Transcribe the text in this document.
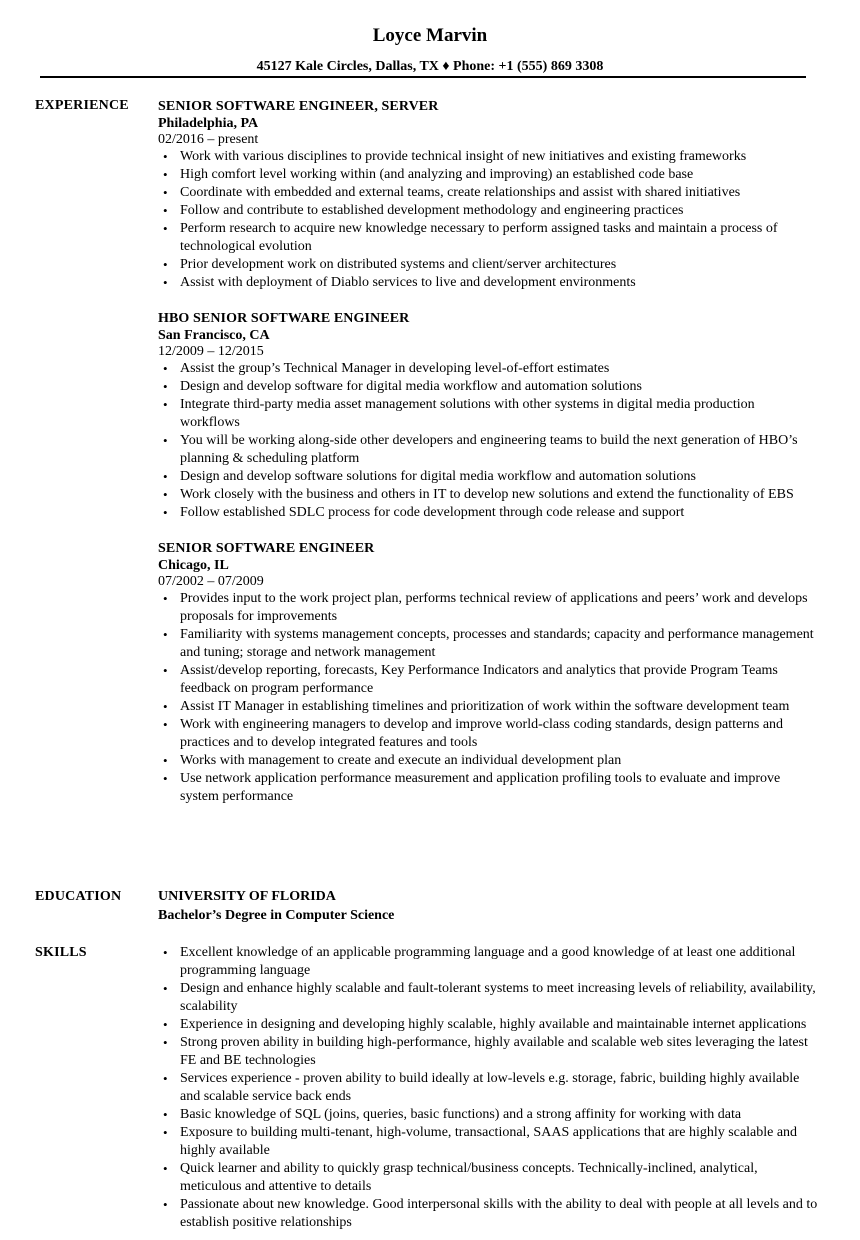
Loyce Marvin
45127 Kale Circles, Dallas, TX ♦ Phone: +1 (555) 869 3308
EXPERIENCE SENIOR SOFTWARE ENGINEER, SERVER
Philadelphia, PA
02/2016 – present
• Work with various disciplines to provide technical insight of new initiatives and existing frameworks
• High comfort level working within (and analyzing and improving) an established code base
• Coordinate with embedded and external teams, create relationships and assist with shared initiatives
• Follow and contribute to established development methodology and engineering practices
• Perform research to acquire new knowledge necessary to perform assigned tasks and maintain a process of technological evolution
• Prior development work on distributed systems and client/server architectures
• Assist with deployment of Diablo services to live and development environments
HBO SENIOR SOFTWARE ENGINEER
San Francisco, CA
12/2009 – 12/2015
• Assist the group’s Technical Manager in developing level-of-effort estimates
• Design and develop software for digital media workflow and automation solutions
• Integrate third-party media asset management solutions with other systems in digital media production workflows
• You will be working along-side other developers and engineering teams to build the next generation of HBO’s planning & scheduling platform
• Design and develop software solutions for digital media workflow and automation solutions
• Work closely with the business and others in IT to develop new solutions and extend the functionality of EBS
• Follow established SDLC process for code development through code release and support
SENIOR SOFTWARE ENGINEER
Chicago, IL
07/2002 – 07/2009
• Provides input to the work project plan, performs technical review of applications and peers’ work and develops proposals for improvements
• Familiarity with systems management concepts, processes and standards; capacity and performance management and tuning; storage and network management
• Assist/develop reporting, forecasts, Key Performance Indicators and analytics that provide Program Teams feedback on program performance
• Assist IT Manager in establishing timelines and prioritization of work within the software development team
• Work with engineering managers to develop and improve world-class coding standards, design patterns and practices and to develop integrated features and tools
• Works with management to create and execute an individual development plan
• Use network application performance measurement and application profiling tools to evaluate and improve system performance
EDUCATION	UNIVERSITY OF FLORIDA
Bachelor’s Degree in Computer Science
SKILLS
•	Excellent knowledge of an applicable programming language and a good knowledge of at least one additional programming language
• Design and enhance highly scalable and fault-tolerant systems to meet increasing levels of reliability, availability, scalability
• Experience in designing and developing highly scalable, highly available and maintainable internet applications
• Strong proven ability in building high-performance, highly available and scalable web sites leveraging the latest FE and BE technologies
• Services experience - proven ability to build ideally at low-levels e.g. storage, fabric, building highly available and scalable service back ends
• Basic knowledge of SQL (joins, queries, basic functions) and a strong affinity for working with data
• Exposure to building multi-tenant, high-volume, transactional, SAAS applications that are highly scalable and highly available
• Quick learner and ability to quickly grasp technical/business concepts. Technically-inclined, analytical, meticulous and attentive to details
• Passionate about new knowledge. Good interpersonal skills with the ability to deal with people at all levels and to establish positive relationships
